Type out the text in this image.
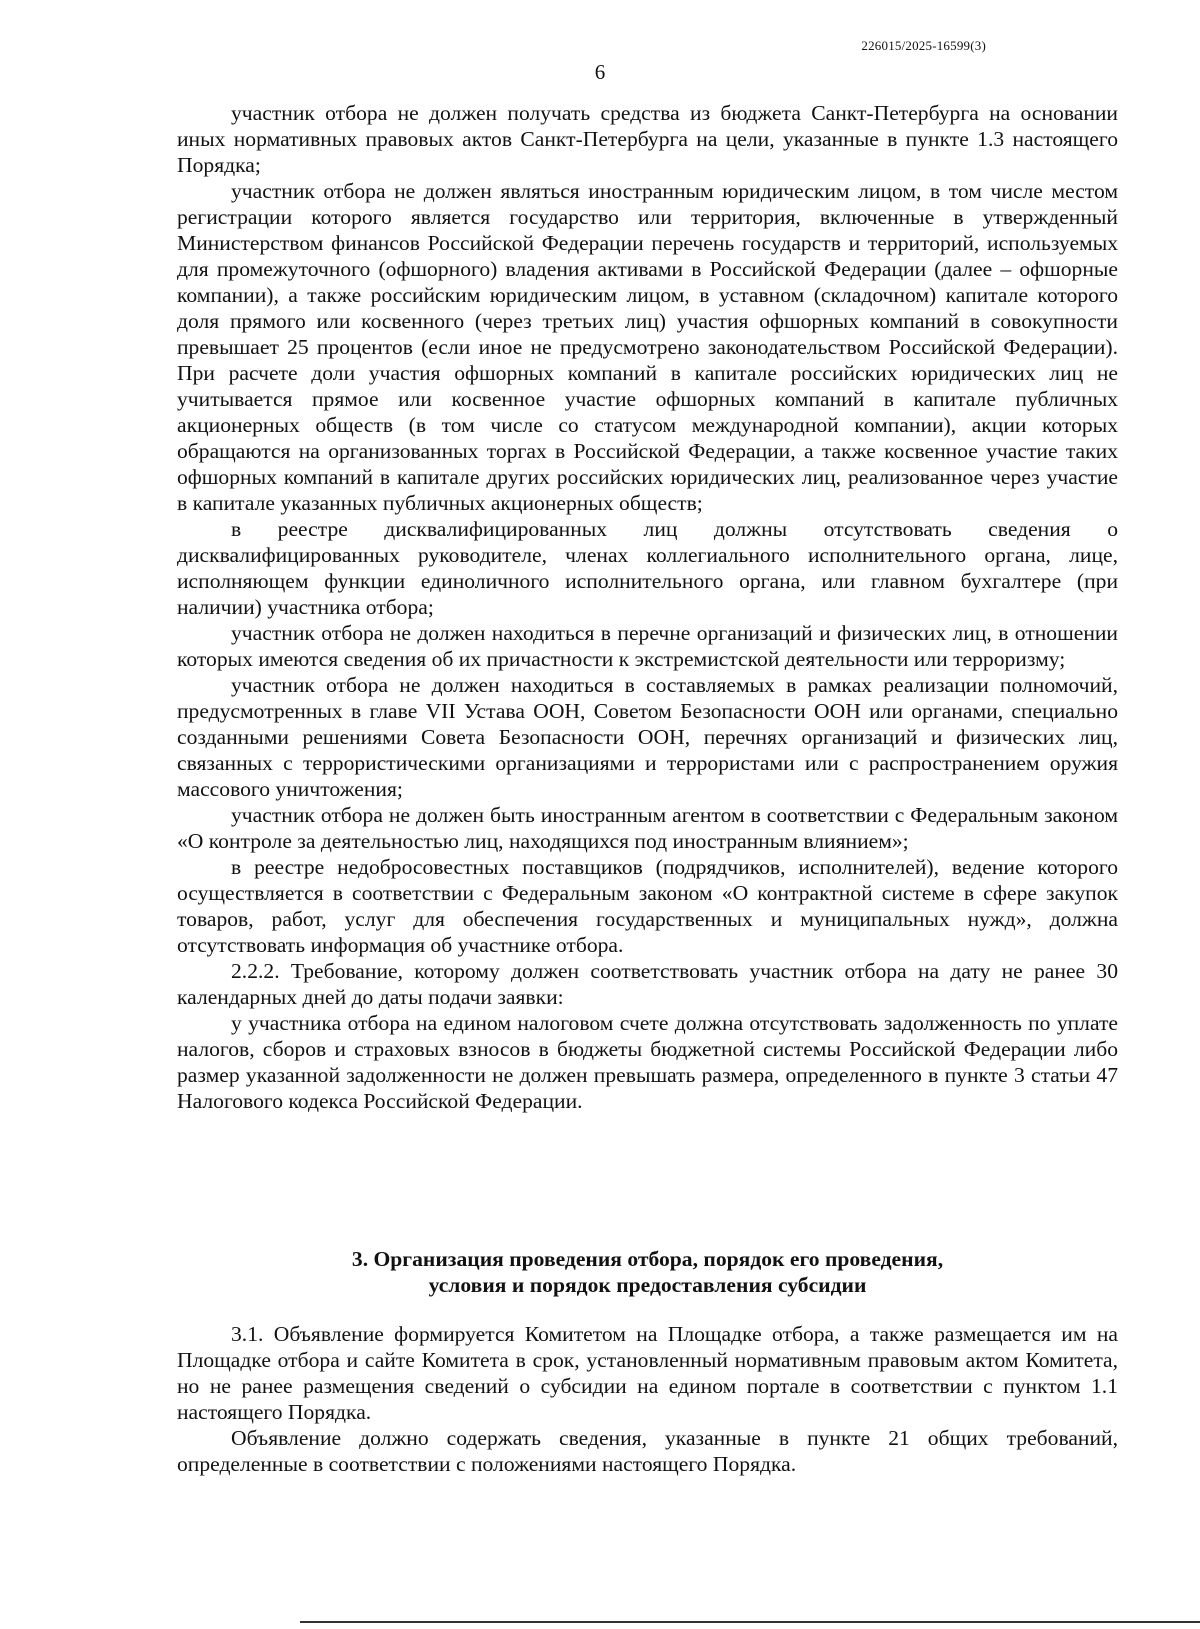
226015/2025-16599(3)
6

участник отбора не должен получать средства из бюджета Санкт-Петербурга на основании иных нормативных правовых актов Санкт-Петербурга на цели, указанные в пункте 1.3 настоящего Порядка;

участник отбора не должен являться иностранным юридическим лицом, в том числе местом регистрации которого является государство или территория, включенные в утвержденный Министерством финансов Российской Федерации перечень государств и территорий, используемых для промежуточного (офшорного) владения активами в Российской Федерации (далее – офшорные компании), а также российским юридическим лицом, в уставном (складочном) капитале которого доля прямого или косвенного (через третьих лиц) участия офшорных компаний в совокупности превышает 25 процентов (если иное не предусмотрено законодательством Российской Федерации). При расчете доли участия офшорных компаний в капитале российских юридических лиц не учитывается прямое или косвенное участие офшорных компаний в капитале публичных акционерных обществ (в том числе со статусом международной компании), акции которых обращаются на организованных торгах в Российской Федерации, а также косвенное участие таких офшорных компаний в капитале других российских юридических лиц, реализованное через участие в капитале указанных публичных акционерных обществ;

в реестре дисквалифицированных лиц должны отсутствовать сведения о дисквалифицированных руководителе, членах коллегиального исполнительного органа, лице, исполняющем функции единоличного исполнительного органа, или главном бухгалтере (при наличии) участника отбора;

участник отбора не должен находиться в перечне организаций и физических лиц, в отношении которых имеются сведения об их причастности к экстремистской деятельности или терроризму;

участник отбора не должен находиться в составляемых в рамках реализации полномочий, предусмотренных в главе VII Устава ООН, Советом Безопасности ООН или органами, специально созданными решениями Совета Безопасности ООН, перечнях организаций и физических лиц, связанных с террористическими организациями и террористами или с распространением оружия массового уничтожения;

участник отбора не должен быть иностранным агентом в соответствии с Федеральным законом «О контроле за деятельностью лиц, находящихся под иностранным влиянием»;

в реестре недобросовестных поставщиков (подрядчиков, исполнителей), ведение которого осуществляется в соответствии с Федеральным законом «О контрактной системе в сфере закупок товаров, работ, услуг для обеспечения государственных и муниципальных нужд», должна отсутствовать информация об участнике отбора.

2.2.2. Требование, которому должен соответствовать участник отбора на дату не ранее 30 календарных дней до даты подачи заявки:

у участника отбора на едином налоговом счете должна отсутствовать задолженность по уплате налогов, сборов и страховых взносов в бюджеты бюджетной системы Российской Федерации либо размер указанной задолженности не должен превышать размера, определенного в пункте 3 статьи 47 Налогового кодекса Российской Федерации.

3. Организация проведения отбора, порядок его проведения,
условия и порядок предоставления субсидии

3.1. Объявление формируется Комитетом на Площадке отбора, а также размещается им на Площадке отбора и сайте Комитета в срок, установленный нормативным правовым актом Комитета, но не ранее размещения сведений о субсидии на едином портале в соответствии с пунктом 1.1 настоящего Порядка.

Объявление должно содержать сведения, указанные в пункте 21 общих требований, определенные в соответствии с положениями настоящего Порядка.
